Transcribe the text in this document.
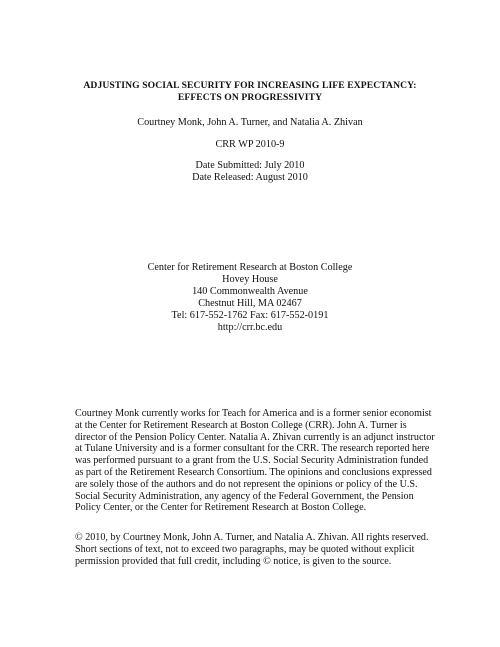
ADJUSTING SOCIAL SECURITY FOR INCREASING LIFE EXPECTANCY:
EFFECTS ON PROGRESSIVITY
Courtney Monk, John A. Turner, and Natalia A. Zhivan
CRR WP 2010-9
Date Submitted: July 2010
Date Released: August 2010
Center for Retirement Research at Boston College
Hovey House
140 Commonwealth Avenue
Chestnut Hill, MA 02467
Tel: 617-552-1762 Fax: 617-552-0191
http://crr.bc.edu
Courtney Monk currently works for Teach for America and is a former senior economist
at the Center for Retirement Research at Boston College (CRR). John A. Turner is
director of the Pension Policy Center. Natalia A. Zhivan currently is an adjunct instructor
at Tulane University and is a former consultant for the CRR. The research reported here
was performed pursuant to a grant from the U.S. Social Security Administration funded
as part of the Retirement Research Consortium. The opinions and conclusions expressed
are solely those of the authors and do not represent the opinions or policy of the U.S.
Social Security Administration, any agency of the Federal Government, the Pension
Policy Center, or the Center for Retirement Research at Boston College.
© 2010, by Courtney Monk, John A. Turner, and Natalia A. Zhivan. All rights reserved.
Short sections of text, not to exceed two paragraphs, may be quoted without explicit
permission provided that full credit, including © notice, is given to the source.
